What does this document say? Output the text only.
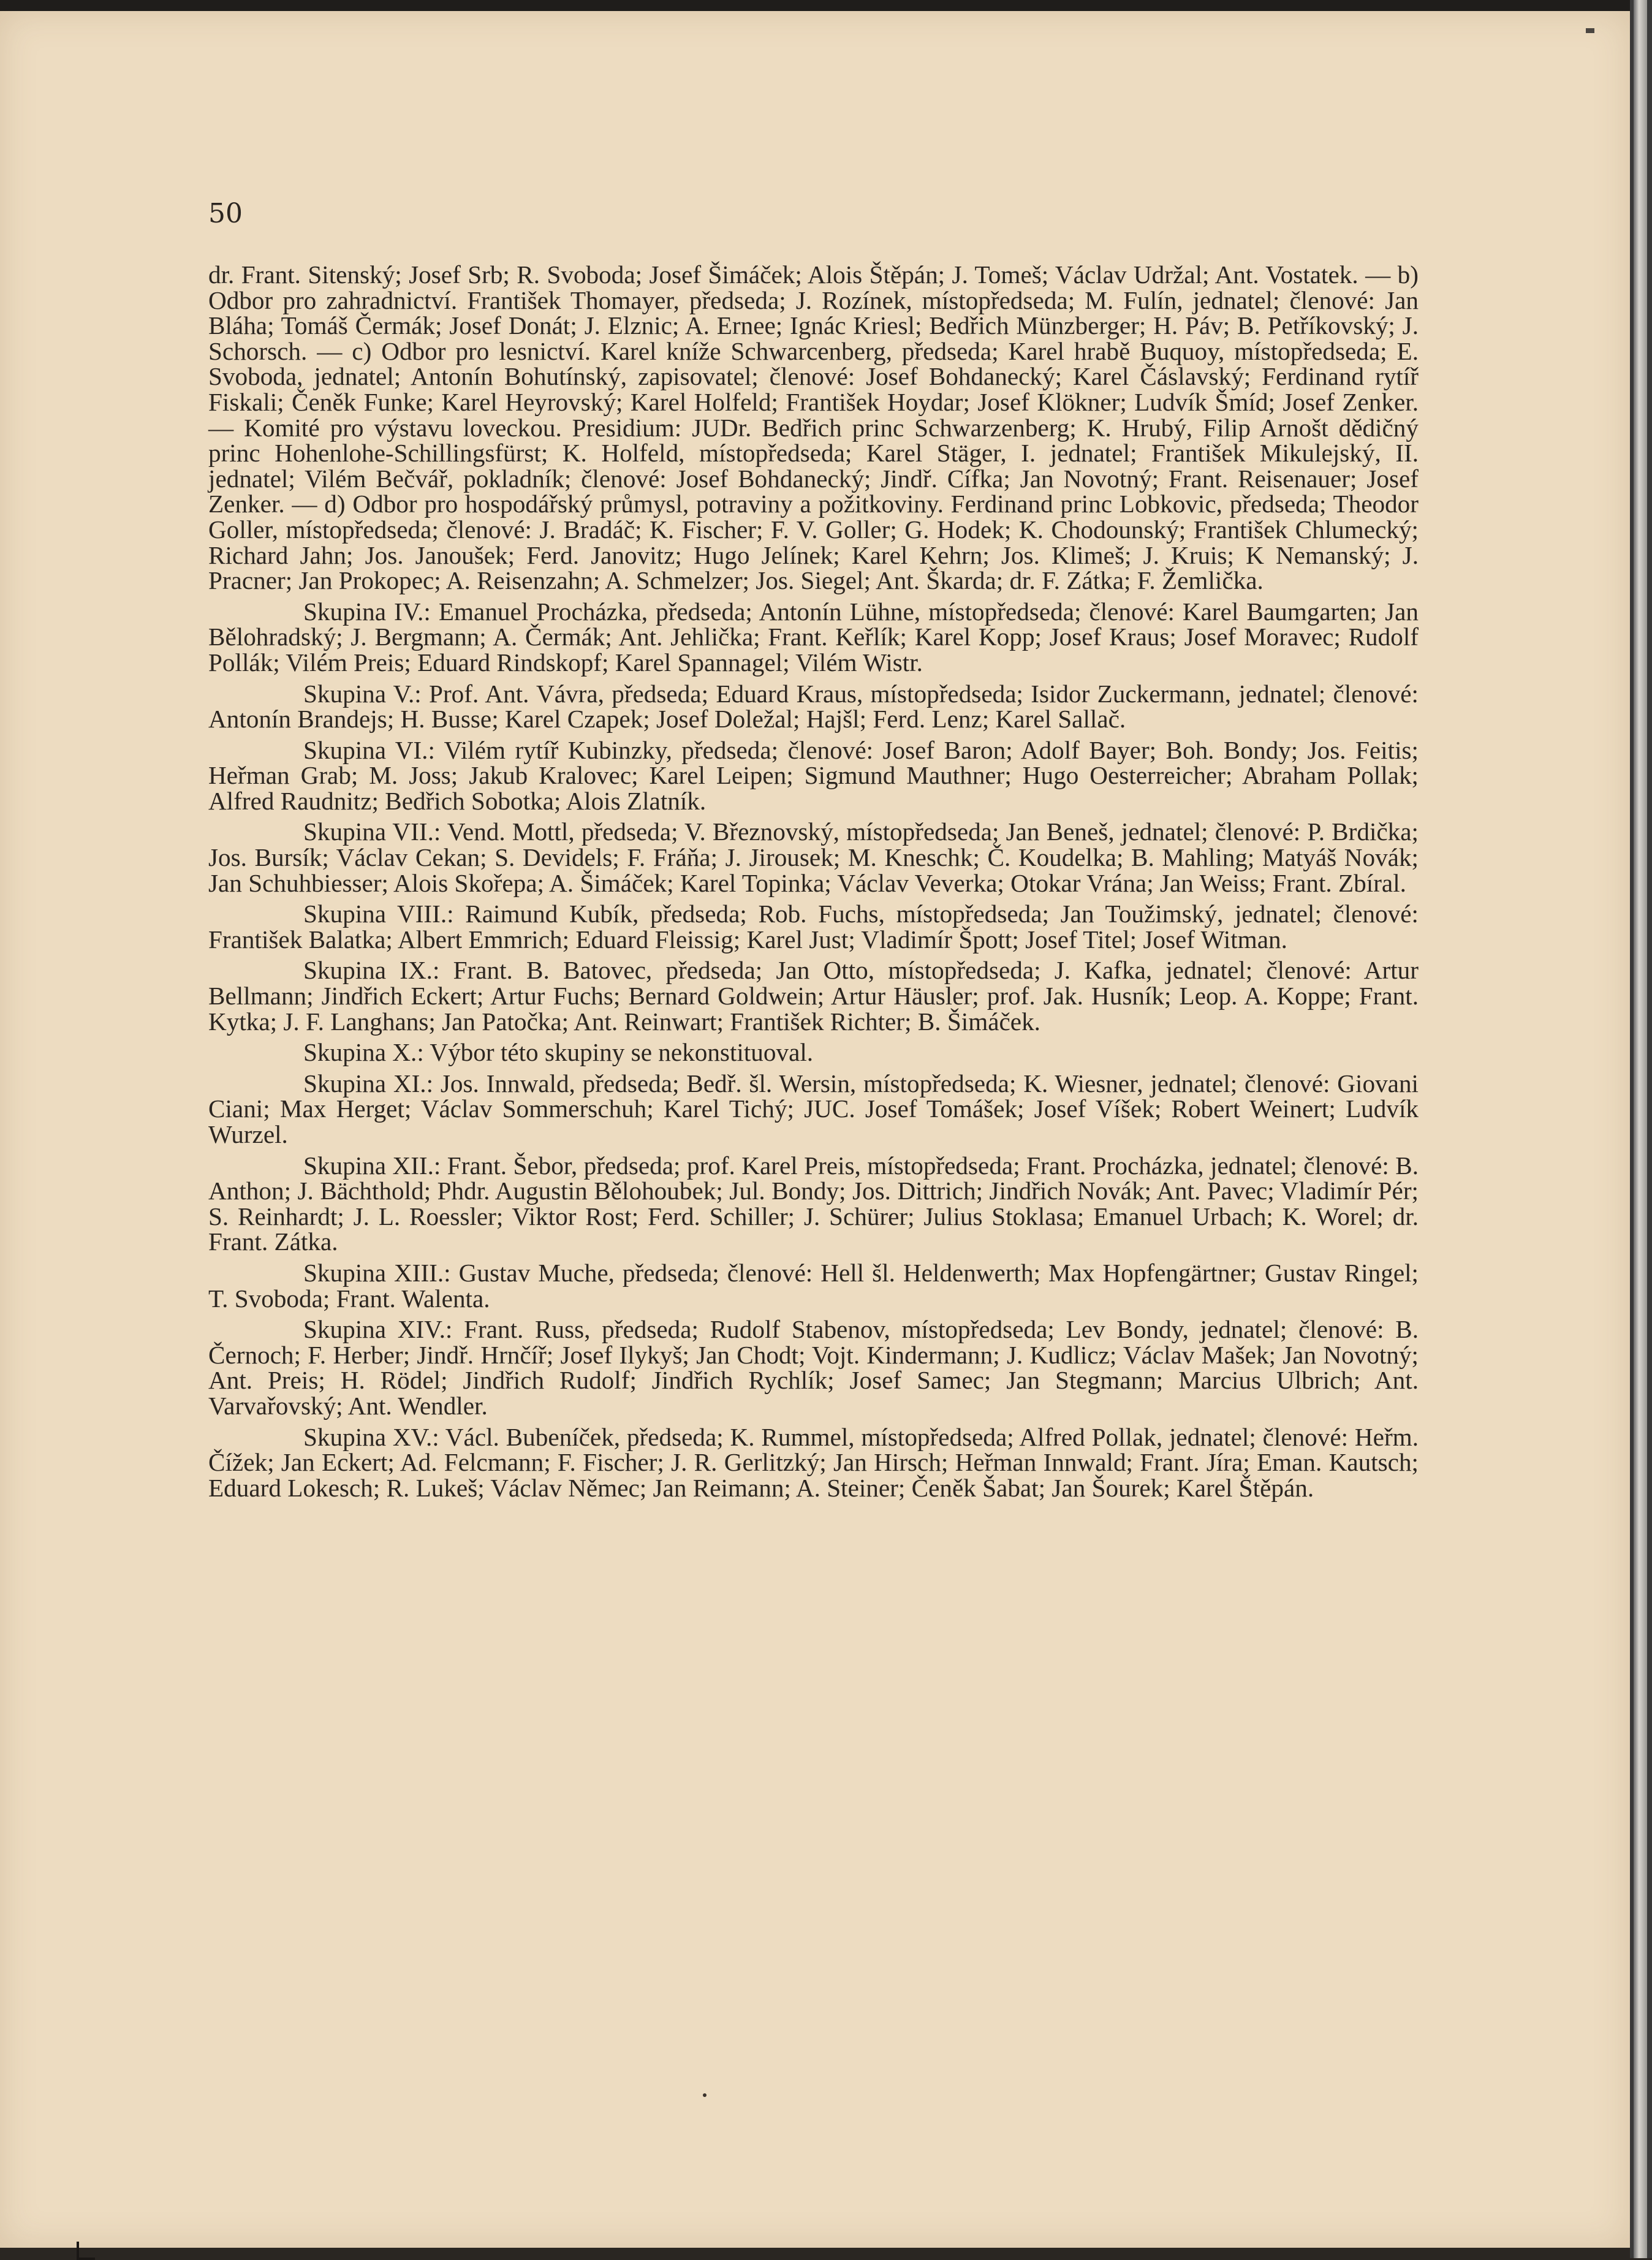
50

dr. Frant. Sitenský; Josef Srb; R. Svoboda; Josef Šimáček; Alois Štěpán; J. Tomeš; Václav Udržal; Ant. Vostatek. — b) Odbor pro zahradnictví. František Thomayer, předseda; J. Rozínek, místopředseda; M. Fulín, jednatel; členové: Jan Bláha; Tomáš Čermák; Josef Donát; J. Elznic; A. Ernee; Ignác Kriesl; Bedřich Münzberger; H. Páv; B. Petříkovský; J. Schorsch. — c) Odbor pro lesnictví. Karel kníže Schwarcenberg, předseda; Karel hrabě Buquoy, místopředseda; E. Svoboda, jednatel; Antonín Bohutínský, zapisovatel; členové: Josef Bohdanecký; Karel Čáslavský; Ferdinand rytíř Fiskali; Čeněk Funke; Karel Heyrovský; Karel Holfeld; František Hoydar; Josef Klökner; Ludvík Šmíd; Josef Zenker. — Komité pro výstavu loveckou. Presidium: JUDr. Bedřich princ Schwarzenberg; K. Hrubý, Filip Arnošt dědičný princ Hohenlohe-Schillingsfürst; K. Holfeld, místopředseda; Karel Stäger, I. jednatel; František Mikulejský, II. jednatel; Vilém Bečvář, pokladník; členové: Josef Bohdanecký; Jindř. Cífka; Jan Novotný; Frant. Reisenauer; Josef Zenker. — d) Odbor pro hospodářský průmysl, potraviny a požitkoviny. Ferdinand princ Lobkovic, předseda; Theodor Goller, místopředseda; členové: J. Bradáč; K. Fischer; F. V. Goller; G. Hodek; K. Chodounský; František Chlumecký; Richard Jahn; Jos. Janoušek; Ferd. Janovitz; Hugo Jelínek; Karel Kehrn; Jos. Klimeš; J. Kruis; K Nemanský; J. Pracner; Jan Prokopec; A. Reisenzahn; A. Schmelzer; Jos. Siegel; Ant. Škarda; dr. F. Zátka; F. Žemlička.

Skupina IV.: Emanuel Procházka, předseda; Antonín Lühne, místopředseda; členové: Karel Baumgarten; Jan Bělohradský; J. Bergmann; A. Čermák; Ant. Jehlička; Frant. Keřlík; Karel Kopp; Josef Kraus; Josef Moravec; Rudolf Pollák; Vilém Preis; Eduard Rindskopf; Karel Spannagel; Vilém Wistr.

Skupina V.: Prof. Ant. Vávra, předseda; Eduard Kraus, místopředseda; Isidor Zuckermann, jednatel; členové: Antonín Brandejs; H. Busse; Karel Czapek; Josef Doležal; Hajšl; Ferd. Lenz; Karel Sallač.

Skupina VI.: Vilém rytíř Kubinzky, předseda; členové: Josef Baron; Adolf Bayer; Boh. Bondy; Jos. Feitis; Heřman Grab; M. Joss; Jakub Kralovec; Karel Leipen; Sigmund Mauthner; Hugo Oesterreicher; Abraham Pollak; Alfred Raudnitz; Bedřich Sobotka; Alois Zlatník.

Skupina VII.: Vend. Mottl, předseda; V. Březnovský, místopředseda; Jan Beneš, jednatel; členové: P. Brdička; Jos. Bursík; Václav Cekan; S. Devidels; F. Fráňa; J. Jirousek; M. Kneschk; Č. Koudelka; B. Mahling; Matyáš Novák; Jan Schuhbiesser; Alois Skořepa; A. Šimáček; Karel Topinka; Václav Veverka; Otokar Vrána; Jan Weiss; Frant. Zbíral.

Skupina VIII.: Raimund Kubík, předseda; Rob. Fuchs, místopředseda; Jan Toužimský, jednatel; členové: František Balatka; Albert Emmrich; Eduard Fleissig; Karel Just; Vladimír Špott; Josef Titel; Josef Witman.

Skupina IX.: Frant. B. Batovec, předseda; Jan Otto, místopředseda; J. Kafka, jednatel; členové: Artur Bellmann; Jindřich Eckert; Artur Fuchs; Bernard Goldwein; Artur Häusler; prof. Jak. Husník; Leop. A. Koppe; Frant. Kytka; J. F. Langhans; Jan Patočka; Ant. Reinwart; František Richter; B. Šimáček.

Skupina X.: Výbor této skupiny se nekonstituoval.

Skupina XI.: Jos. Innwald, předseda; Bedř. šl. Wersin, místopředseda; K. Wiesner, jednatel; členové: Giovani Ciani; Max Herget; Václav Sommerschuh; Karel Tichý; JUC. Josef Tomášek; Josef Víšek; Robert Weinert; Ludvík Wurzel.

Skupina XII.: Frant. Šebor, předseda; prof. Karel Preis, místopředseda; Frant. Procházka, jednatel; členové: B. Anthon; J. Bächthold; Phdr. Augustin Bělohoubek; Jul. Bondy; Jos. Dittrich; Jindřich Novák; Ant. Pavec; Vladimír Pér; S. Reinhardt; J. L. Roessler; Viktor Rost; Ferd. Schiller; J. Schürer; Julius Stoklasa; Emanuel Urbach; K. Worel; dr. Frant. Zátka.

Skupina XIII.: Gustav Muche, předseda; členové: Hell šl. Heldenwerth; Max Hopfengärtner; Gustav Ringel; T. Svoboda; Frant. Walenta.

Skupina XIV.: Frant. Russ, předseda; Rudolf Stabenov, místopředseda; Lev Bondy, jednatel; členové: B. Černoch; F. Herber; Jindř. Hrnčíř; Josef Ilykyš; Jan Chodt; Vojt. Kindermann; J. Kudlicz; Václav Mašek; Jan Novotný; Ant. Preis; H. Rödel; Jindřich Rudolf; Jindřich Rychlík; Josef Samec; Jan Stegmann; Marcius Ulbrich; Ant. Varvařovský; Ant. Wendler.

Skupina XV.: Václ. Bubeníček, předseda; K. Rummel, místopředseda; Alfred Pollak, jednatel; členové: Heřm. Čížek; Jan Eckert; Ad. Felcmann; F. Fischer; J. R. Gerlitzký; Jan Hirsch; Heřman Innwald; Frant. Jíra; Eman. Kautsch; Eduard Lokesch; R. Lukeš; Václav Němec; Jan Reimann; A. Steiner; Čeněk Šabat; Jan Šourek; Karel Štěpán.
